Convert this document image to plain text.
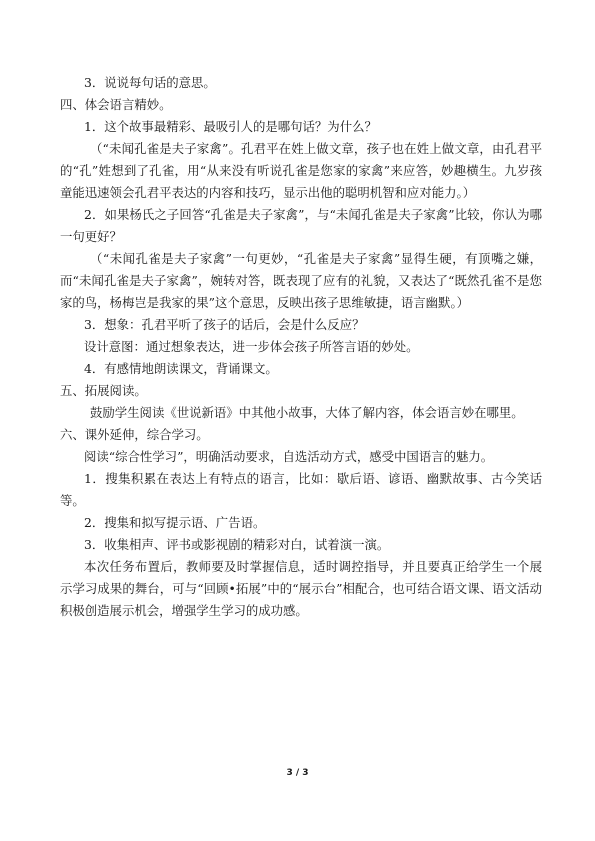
3．说说每句话的意思。

四、体会语言精妙。

1．这个故事最精彩、最吸引人的是哪句话？为什么？

（“未闻孔雀是夫子家禽”。孔君平在姓上做文章，孩子也在姓上做文章，由孔君平的“孔”姓想到了孔雀，用“从来没有听说孔雀是您家的家禽”来应答，妙趣横生。九岁孩童能迅速领会孔君平表达的内容和技巧，显示出他的聪明机智和应对能力。）

2．如果杨氏之子回答“孔雀是夫子家禽”，与“未闻孔雀是夫子家禽”比较，你认为哪一句更好？

（“未闻孔雀是夫子家禽”一句更妙，“孔雀是夫子家禽”显得生硬，有顶嘴之嫌，而“未闻孔雀是夫子家禽”，婉转对答，既表现了应有的礼貌，又表达了“既然孔雀不是您家的鸟，杨梅岂是我家的果”这个意思，反映出孩子思维敏捷，语言幽默。）

3．想象：孔君平听了孩子的话后，会是什么反应？

设计意图：通过想象表达，进一步体会孩子所答言语的妙处。

4．有感情地朗读课文，背诵课文。

五、拓展阅读。

鼓励学生阅读《世说新语》中其他小故事，大体了解内容，体会语言妙在哪里。

六、课外延伸，综合学习。

阅读“综合性学习”，明确活动要求，自选活动方式，感受中国语言的魅力。

1．搜集积累在表达上有特点的语言，比如：歇后语、谚语、幽默故事、古今笑话等。

2．搜集和拟写提示语、广告语。

3．收集相声、评书或影视剧的精彩对白，试着演一演。

本次任务布置后，教师要及时掌握信息，适时调控指导，并且要真正给学生一个展示学习成果的舞台，可与“回顾•拓展”中的“展示台”相配合，也可结合语文课、语文活动积极创造展示机会，增强学生学习的成功感。

3 / 3
